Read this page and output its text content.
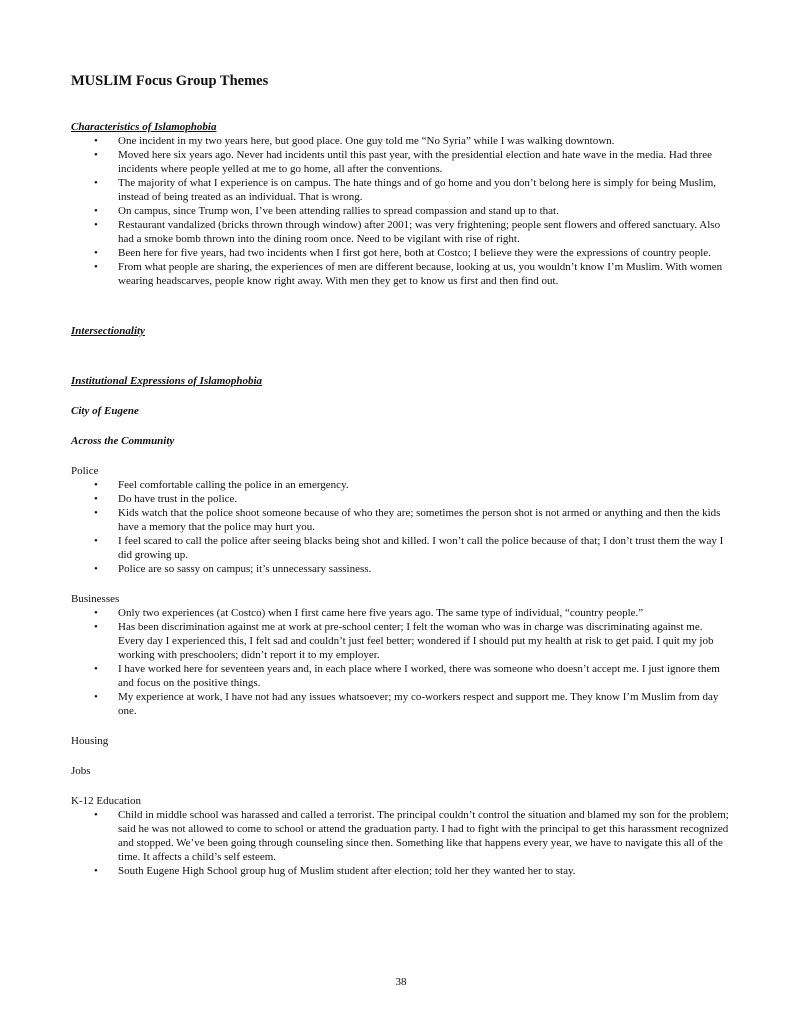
MUSLIM Focus Group Themes
Characteristics of Islamophobia
• One incident in my two years here, but good place. One guy told me “No Syria” while I was walking downtown.
• Moved here six years ago. Never had incidents until this past year, with the presidential election and hate wave in the media. Had three incidents where people yelled at me to go home, all after the conventions.
• The majority of what I experience is on campus. The hate things and of go home and you don’t belong here is simply for being Muslim, instead of being treated as an individual. That is wrong.
• On campus, since Trump won, I’ve been attending rallies to spread compassion and stand up to that.
• Restaurant vandalized (bricks thrown through window) after 2001; was very frightening; people sent flowers and offered sanctuary. Also had a smoke bomb thrown into the dining room once. Need to be vigilant with rise of right.
• Been here for five years, had two incidents when I first got here, both at Costco; I believe they were the expressions of country people.
• From what people are sharing, the experiences of men are different because, looking at us, you wouldn’t know I’m Muslim. With women wearing headscarves, people know right away. With men they get to know us first and then find out.
Intersectionality
Institutional Expressions of Islamophobia
City of Eugene
Across the Community
Police
• Feel comfortable calling the police in an emergency.
• Do have trust in the police.
• Kids watch that the police shoot someone because of who they are; sometimes the person shot is not armed or anything and then the kids have a memory that the police may hurt you.
• I feel scared to call the police after seeing blacks being shot and killed. I won’t call the police because of that; I don’t trust them the way I did growing up.
• Police are so sassy on campus; it’s unnecessary sassiness.
Businesses
• Only two experiences (at Costco) when I first came here five years ago. The same type of individual, “country people.”
• Has been discrimination against me at work at pre-school center; I felt the woman who was in charge was discriminating against me. Every day I experienced this, I felt sad and couldn’t just feel better; wondered if I should put my health at risk to get paid. I quit my job working with preschoolers; didn’t report it to my employer.
• I have worked here for seventeen years and, in each place where I worked, there was someone who doesn’t accept me. I just ignore them and focus on the positive things.
• My experience at work, I have not had any issues whatsoever; my co-workers respect and support me. They know I’m Muslim from day one.
Housing
Jobs
K-12 Education
• Child in middle school was harassed and called a terrorist. The principal couldn’t control the situation and blamed my son for the problem; said he was not allowed to come to school or attend the graduation party. I had to fight with the principal to get this harassment recognized and stopped. We’ve been going through counseling since then. Something like that happens every year, we have to navigate this all of the time. It affects a child’s self esteem.
• South Eugene High School group hug of Muslim student after election; told her they wanted her to stay.
38
